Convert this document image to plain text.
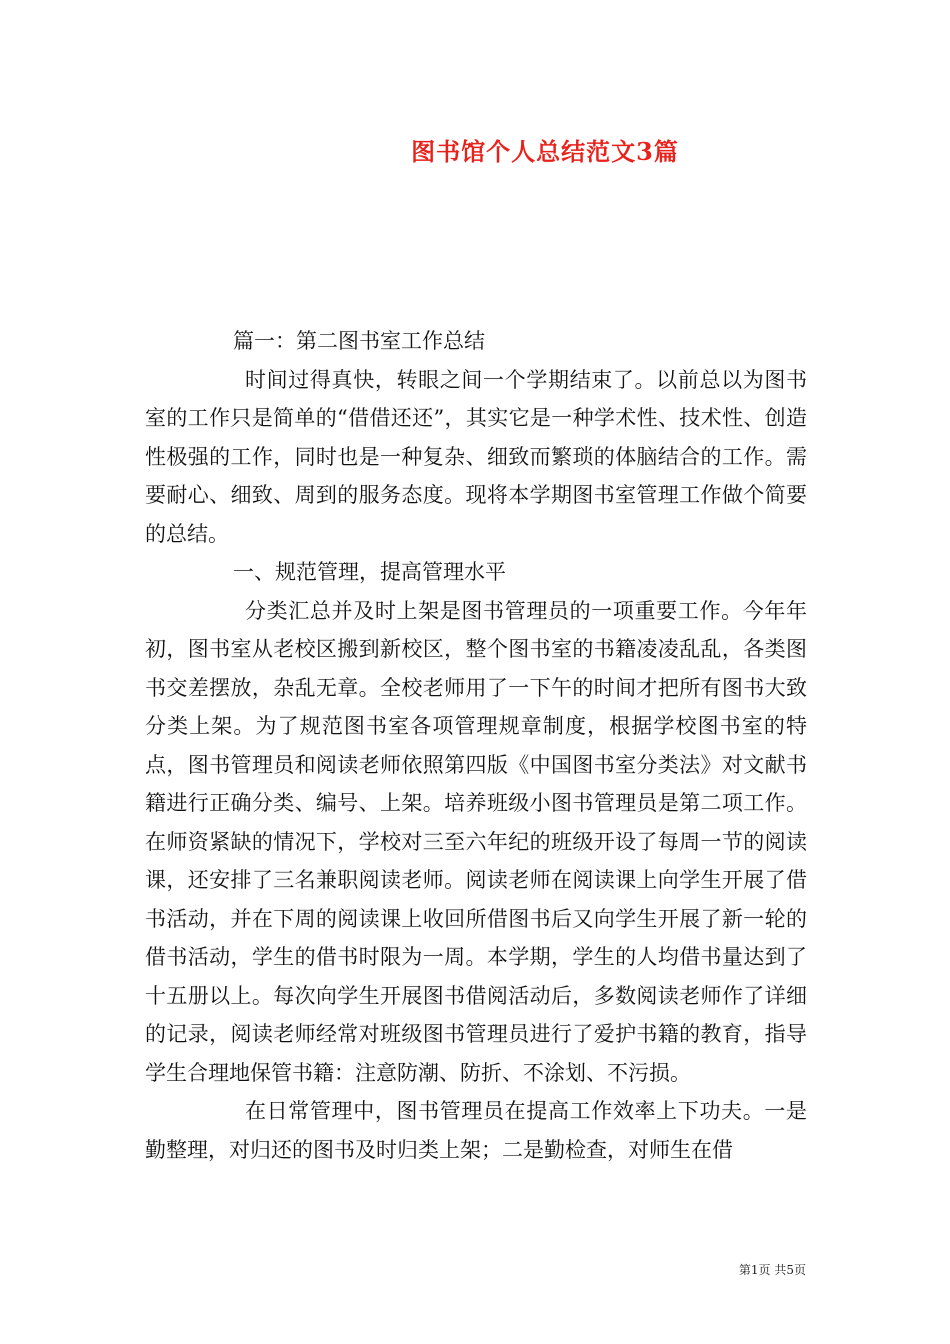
图书馆个人总结范文3篇

篇一：第二图书室工作总结

时间过得真快，转眼之间一个学期结束了。以前总以为图书室的工作只是简单的“借借还还”，其实它是一种学术性、技术性、创造性极强的工作，同时也是一种复杂、细致而繁琐的体脑结合的工作。需要耐心、细致、周到的服务态度。现将本学期图书室管理工作做个简要的总结。

一、规范管理，提高管理水平

分类汇总并及时上架是图书管理员的一项重要工作。今年年初，图书室从老校区搬到新校区，整个图书室的书籍凌凌乱乱，各类图书交差摆放，杂乱无章。全校老师用了一下午的时间才把所有图书大致分类上架。为了规范图书室各项管理规章制度，根据学校图书室的特点，图书管理员和阅读老师依照第四版《中国图书室分类法》对文献书籍进行正确分类、编号、上架。培养班级小图书管理员是第二项工作。在师资紧缺的情况下，学校对三至六年纪的班级开设了每周一节的阅读课，还安排了三名兼职阅读老师。阅读老师在阅读课上向学生开展了借书活动，并在下周的阅读课上收回所借图书后又向学生开展了新一轮的借书活动，学生的借书时限为一周。本学期，学生的人均借书量达到了十五册以上。每次向学生开展图书借阅活动后，多数阅读老师作了详细的记录，阅读老师经常对班级图书管理员进行了爱护书籍的教育，指导学生合理地保管书籍：注意防潮、防折、不涂划、不污损。

在日常管理中，图书管理员在提高工作效率上下功夫。一是勤整理，对归还的图书及时归类上架；二是勤检查，对师生在借

第1页 共5页
